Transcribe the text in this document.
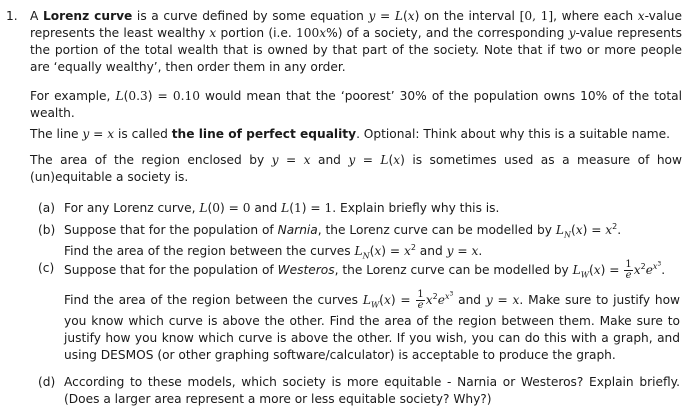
1. A Lorenz curve is a curve defined by some equation y = L(x) on the interval [0, 1], where each x-value represents the least wealthy x portion (i.e. 100x%) of a society, and the corresponding y-value represents the portion of the total wealth that is owned by that part of the society. Note that if two or more people are ‘equally wealthy’, then order them in any order.

For example, L(0.3) = 0.10 would mean that the ‘poorest’ 30% of the population owns 10% of the total wealth.

The line y = x is called the line of perfect equality. Optional: Think about why this is a suitable name.

The area of the region enclosed by y = x and y = L(x) is sometimes used as a measure of how (un)equitable a society is.

(a) For any Lorenz curve, L(0) = 0 and L(1) = 1. Explain briefly why this is.
(b) Suppose that for the population of Narnia, the Lorenz curve can be modelled by $L_N(x) = x^2$.
Find the area of the region between the curves $L_N(x) = x^2$ and y = x.
(c) Suppose that for the population of Westeros, the Lorenz curve can be modelled by $L_W(x) = \frac{1}{e} x^2e^{x^3}$.
Find the area of the region between the curves $L_W(x) = \frac{1}{e} x^2e^{x^3}$ and y = x. Make sure to justify how you know which curve is above the other. Find the area of the region between them. Make sure to justify how you know which curve is above the other. If you wish, you can do this with a graph, and using DESMOS (or other graphing software/calculator) is acceptable to produce the graph.
(d) According to these models, which society is more equitable - Narnia or Westeros? Explain briefly. (Does a larger area represent a more or less equitable society? Why?)
